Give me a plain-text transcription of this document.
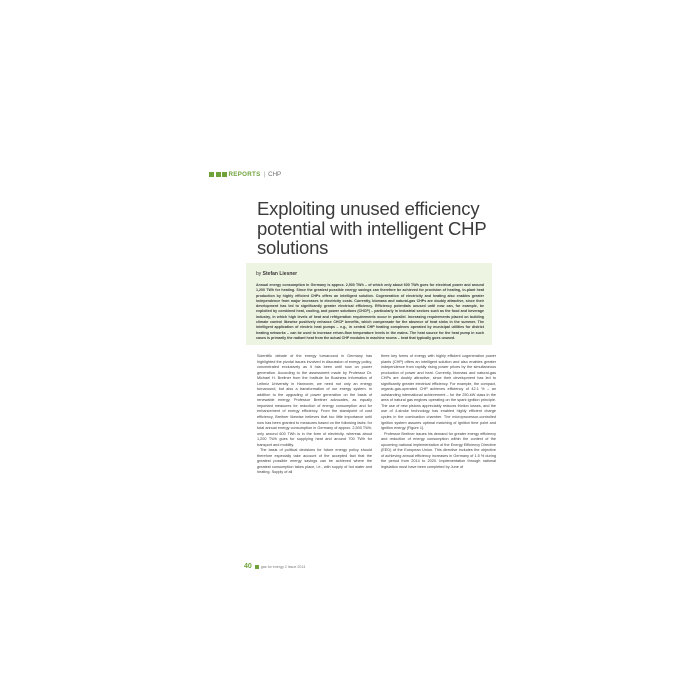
REPORTS | CHP
Exploiting unused efficiency potential with intelligent CHP solutions
by Stefan Liesner
Annual energy consumption in Germany is approx. 2,500 TWh – of which only about 600 TWh goes for electrical power and around 1,200 TWh for heating. Since the greatest possible energy savings can therefore be achieved for provision of heating, in-plant heat production by highly efficient CHPs offers an intelligent solution. Cogeneration of electricity and heating also enables greater independence from major increases in electricity costs. Currently, biomass and natural-gas CHPs are doubly attractive, since their development has led to significantly greater electrical efficiency. Efficiency potentials unused until now can, for example, be exploited by combined heat, cooling, and power solutions (CHCP) – particularly in industrial sectors such as the food and beverage industry, in which high levels of heat and refrigeration requirements occur in parallel. Increasing requirements placed on building climate control likewise positively enhance CHCP benefits, which compensate for the absence of heat sinks in the summer. The intelligent application of electric heat pumps – e.g., in central CHP heating complexes operated by municipal utilities for district heating networks – can be used to increase return-flow temperature levels in the mains. The heat source for the heat pump in such cases is primarily the radiant heat from the actual CHP modules in machine rooms – heat that typically goes unused.

Scientific debate of the energy turnaround in Germany has highlighted the pivotal issues involved in discussion of energy policy, concentrated exclusively as it has been until now on power generation. According to the assessment made by Professor Dr. Michael H. Breitner from the Institute for Business Informatics of Leibniz University in Hannover, we need not only an energy turnaround, but also a transformation of our energy system. In addition to the upgrading of power generation on the basis of renewable energy, Professor Breitner advocates, as equally important measures for reduction of energy consumption and for enhancement of energy efficiency. From the standpoint of cost efficiency, Breitner likewise believes that too little importance until now has been granted to measures based on the following facts: for total annual energy consumption in Germany of approx. 2,500 TWh, only around 600 TWh is in the form of electricity, whereas about 1,200 TWh goes for supplying heat and around 700 TWh for transport and mobility.

The basis of political decisions for future energy policy should therefore especially take account of the accepted fact that the greatest possible energy savings can be achieved where the greatest consumption takes place, i.e., with supply of hot water and heating. Supply of all

three key forms of energy with highly efficient cogeneration power plants (CHP) offers an intelligent solution and also enables greater independence from rapidly rising power prices by the simultaneous production of power and heat. Currently, biomass and natural-gas CHPs are doubly attractive, since their development has led to significantly greater electrical efficiency. For example, the compact, organic-gas-operated CHP achieves efficiency of 42.1 % – an outstanding international achievement – for the 250-kW class in the area of natural gas engines operating on the spark ignition principle. The use of new pistons appreciably reduces friction losses, and the use of 4-stroke technology has enabled highly efficient charge cycles in the combustion chamber. The microprocessor-controlled ignition system assures optimal matching of ignition time point and ignition energy (Figure 1).

Professor Breitner issues his demand for greater energy efficiency and reduction of energy consumption within the context of the upcoming national implementation of the Energy Efficiency Directive (EED) of the European Union. This directive includes the objective of achieving annual efficiency increases in Germany of 1.5 % during the period from 2014 to 2020. Implementation through national legislation must have been completed by June of

40	gas for energy 2 Issue 2014
